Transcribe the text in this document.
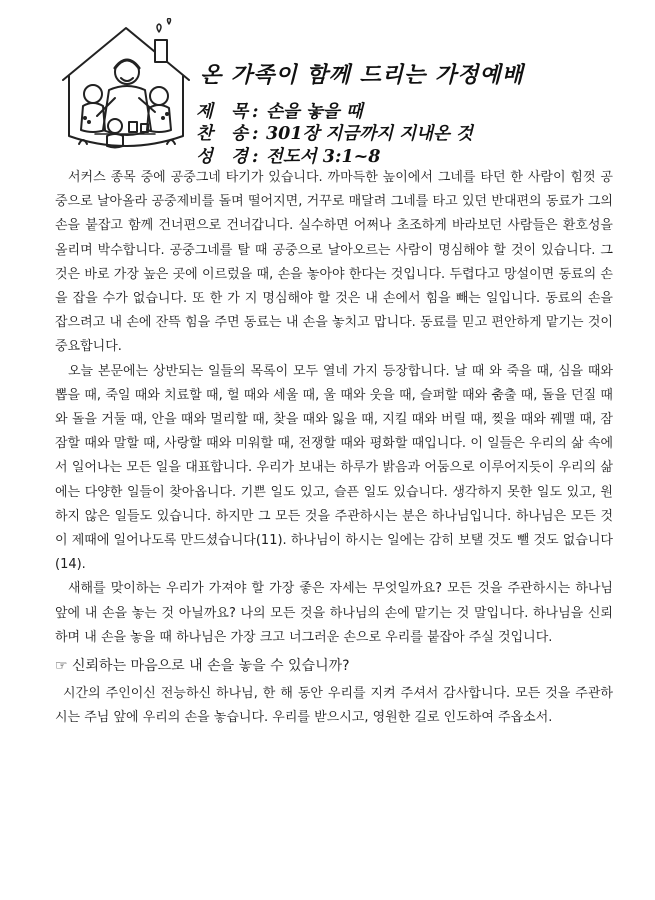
온 가족이 함께 드리는 가정예배
제 목: 손을 놓을 때
찬 송: 301장 지금까지 지내온 것
성 경: 전도서 3:1~8

서커스 종목 중에 공중그네 타기가 있습니다. 까마득한 높이에서 그네를 타던 한 사람이 힘껏 공중으로 날아올라 공중제비를 돌며 떨어지면, 거꾸로 매달려 그네를 타고 있던 반대편의 동료가 그의 손을 붙잡고 함께 건너편으로 건너갑니다. 실수하면 어쩌나 초조하게 바라보던 사람들은 환호성을 올리며 박수합니다. 공중그네를 탈 때 공중으로 날아오르는 사람이 명심해야 할 것이 있습니다. 그것은 바로 가장 높은 곳에 이르렀을 때, 손을 놓아야 한다는 것입니다. 두렵다고 망설이면 동료의 손을 잡을 수가 없습니다. 또 한 가 지 명심해야 할 것은 내 손에서 힘을 빼는 일입니다. 동료의 손을 잡으려고 내 손에 잔뜩 힘을 주면 동료는 내 손을 놓치고 맙니다. 동료를 믿고 편안하게 맡기는 것이 중요합니다.

오늘 본문에는 상반되는 일들의 목록이 모두 열네 가지 등장합니다. 날 때 와 죽을 때, 심을 때와 뽑을 때, 죽일 때와 치료할 때, 헐 때와 세울 때, 울 때와 웃을 때, 슬퍼할 때와 춤출 때, 돌을 던질 때와 돌을 거둘 때, 안을 때와 멀리할 때, 찾을 때와 잃을 때, 지킬 때와 버릴 때, 찢을 때와 꿰맬 때, 잠잠할 때와 말할 때, 사랑할 때와 미워할 때, 전쟁할 때와 평화할 때입니다. 이 일들은 우리의 삶 속에서 일어나는 모든 일을 대표합니다. 우리가 보내는 하루가 밝음과 어둠으로 이루어지듯이 우리의 삶에는 다양한 일들이 찾아옵니다. 기쁜 일도 있고, 슬픈 일도 있습니다. 생각하지 못한 일도 있고, 원하지 않은 일들도 있습니다. 하지만 그 모든 것을 주관하시는 분은 하나님입니다. 하나님은 모든 것이 제때에 일어나도록 만드셨습니다(11). 하나님이 하시는 일에는 감히 보탤 것도 뺄 것도 없습니다(14).

새해를 맞이하는 우리가 가져야 할 가장 좋은 자세는 무엇일까요? 모든 것을 주관하시는 하나님 앞에 내 손을 놓는 것 아닐까요? 나의 모든 것을 하나님의 손에 맡기는 것 말입니다. 하나님을 신뢰하며 내 손을 놓을 때 하나님은 가장 크고 너그러운 손으로 우리를 붙잡아 주실 것입니다.

☞ 신뢰하는 마음으로 내 손을 놓을 수 있습니까?

시간의 주인이신 전능하신 하나님, 한 해 동안 우리를 지켜 주셔서 감사합니다. 모든 것을 주관하시는 주님 앞에 우리의 손을 놓습니다. 우리를 받으시고, 영원한 길로 인도하여 주옵소서.
